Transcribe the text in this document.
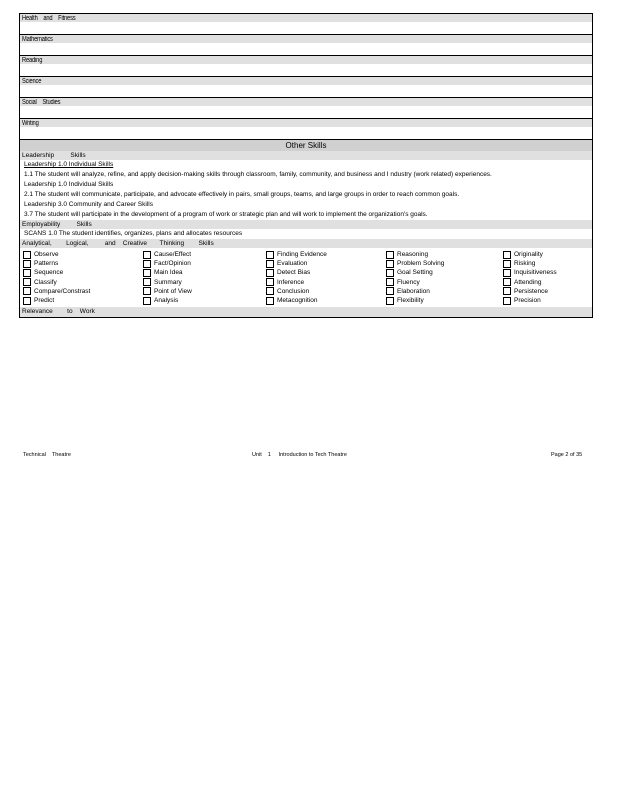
Health    and    Fitness
Mathematics
Reading
Science
Social    Studies
Writing
Other Skills
Leadership         Skills
Leadership 1.0 Individual Skills
1.1 The student will analyze, refine, and apply decision-making skills through classroom, family, community, and business and I ndustry (work related) experiences.
Leadership 1.0 Individual Skills
2.1 The student will communicate, participate, and advocate effectively in pairs, small groups, teams, and large groups in order to reach common goals.
Leadership 3.0 Community and Career Skills
3.7 The student will participate in the development of a program of work or strategic plan and will work to implement the organization's goals.
Employability         Skills
SCANS 1.0 The student identifies, organizes, plans and allocates resources
Analytical,        Logical,         and    Creative       Thinking        Skills
Observe	Cause/Effect	Finding Evidence	Reasoning	Originality
Patterns	Fact/Opinion	Evaluation	Problem Solving	Risking
Sequence	Main Idea	Detect Bias	Goal Setting	Inquisitiveness
Classify	Summary	Inference	Fluency	Attending
Compare/Constrast	Point of View	Conclusion	Elaboration	Persistence
Predict	Analysis	Metacognition	Flexibility	Precision
Relevance        to    Work
Technical    Theatre	Unit    1     Introduction to Tech Theatre	Page 2 of 35
